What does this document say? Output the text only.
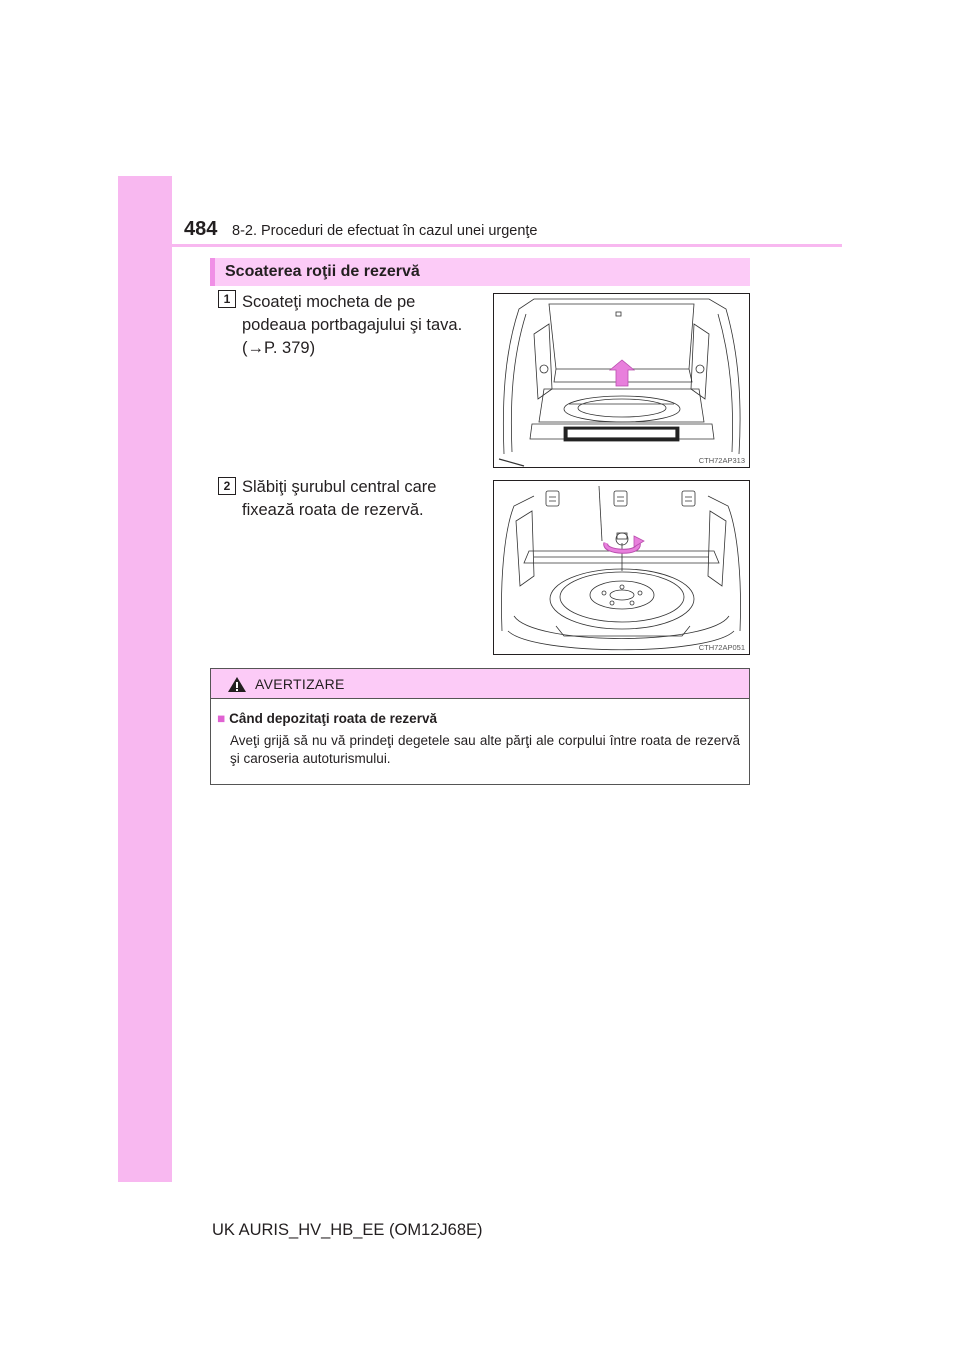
484 8-2. Proceduri de efectuat în cazul unei urgenţe
Scoaterea roţii de rezervă
1 Scoateţi mocheta de pe
podeaua portbagajului şi tava.
(→P. 379)
CTH72AP313
2 Slăbiţi şurubul central care
fixează roata de rezervă.
CTH72AP051
AVERTIZARE
■ Când depozitaţi roata de rezervă
Aveţi grijă să nu vă prindeţi degetele sau alte părţi ale corpului între roata de rezervă şi caroseria autoturismului.
UK AURIS_HV_HB_EE (OM12J68E)
